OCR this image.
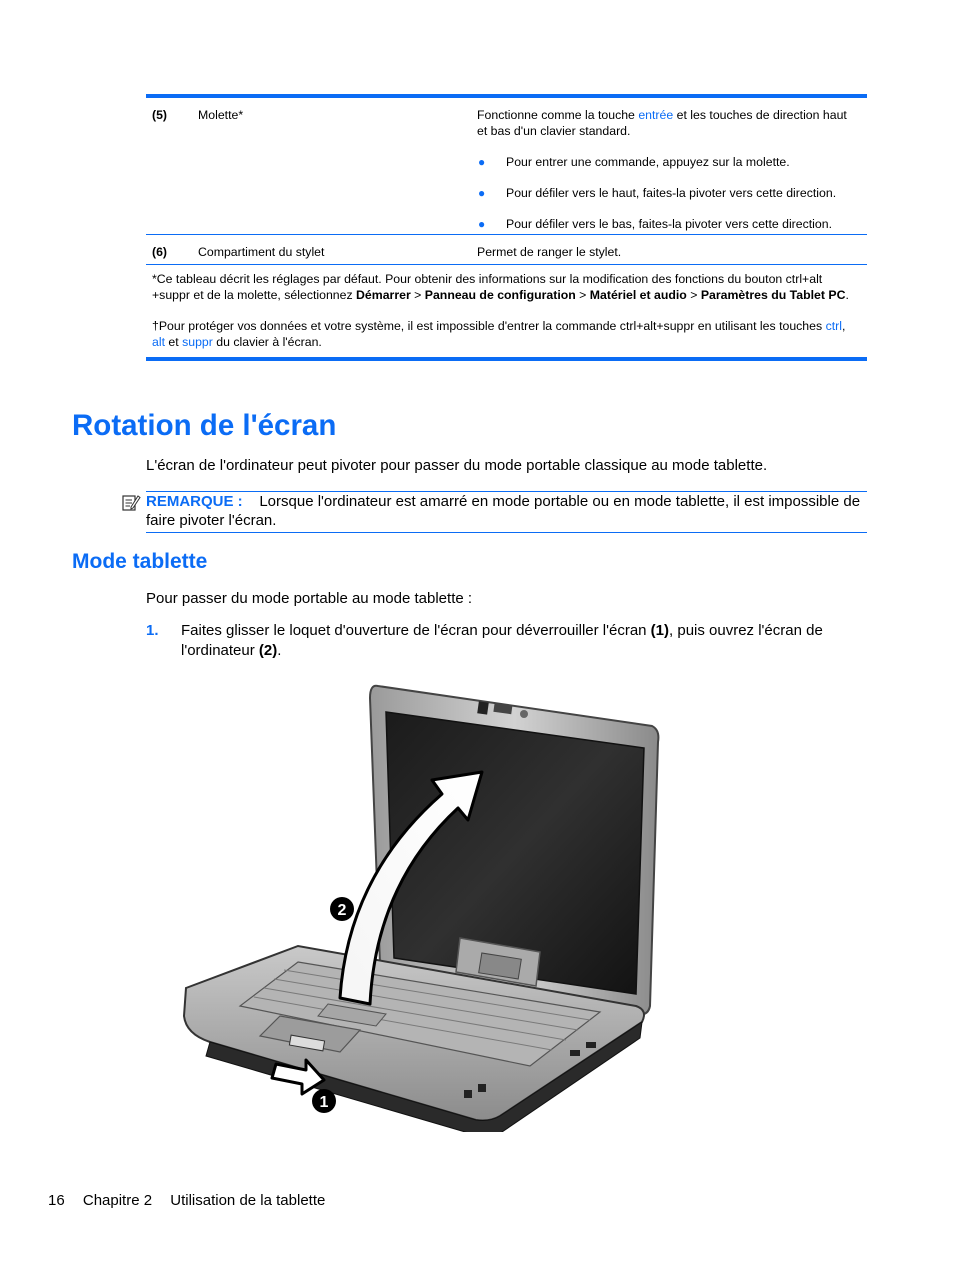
(5)	Molette*	Fonctionne comme la touche entrée et les touches de direction haut et bas d'un clavier standard.

● Pour entrer une commande, appuyez sur la molette.
● Pour défiler vers le haut, faites-la pivoter vers cette direction.
● Pour défiler vers le bas, faites-la pivoter vers cette direction.
(6)	Compartiment du stylet	Permet de ranger le stylet.

*Ce tableau décrit les réglages par défaut. Pour obtenir des informations sur la modification des fonctions du bouton ctrl+alt +suppr et de la molette, sélectionnez Démarrer > Panneau de configuration > Matériel et audio > Paramètres du Tablet PC.

†Pour protéger vos données et votre système, il est impossible d'entrer la commande ctrl+alt+suppr en utilisant les touches ctrl, alt et suppr du clavier à l'écran.

Rotation de l'écran

L'écran de l'ordinateur peut pivoter pour passer du mode portable classique au mode tablette.

REMARQUE : Lorsque l'ordinateur est amarré en mode portable ou en mode tablette, il est impossible de faire pivoter l'écran.
Mode tablette

Pour passer du mode portable au mode tablette :

1. Faites glisser le loquet d'ouverture de l'écran pour déverrouiller l'écran (1), puis ouvrez l'écran de l'ordinateur (2).
2
1
16 Chapitre 2 Utilisation de la tablette
